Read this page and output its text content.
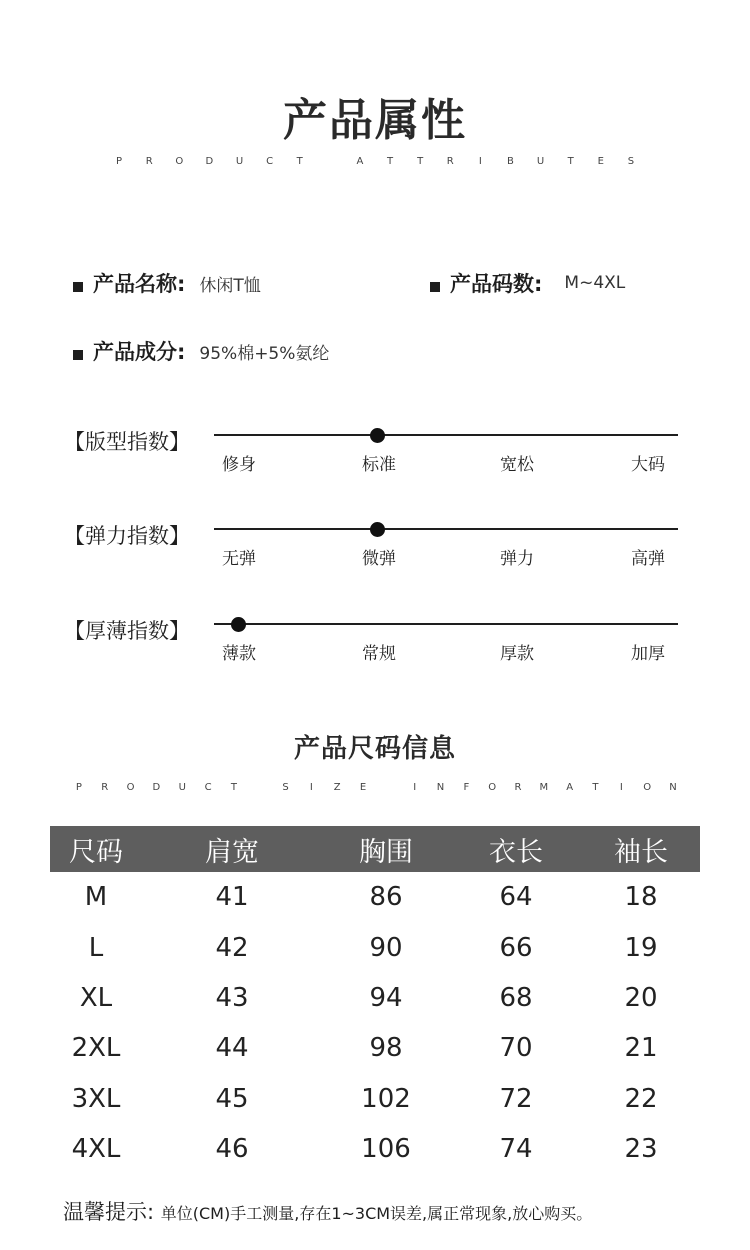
产品属性
P	R	O	D	U	C	T	A	T	T	R	I	B	U	T	E	S
产品名称: 休闲T恤	产品码数: M~4XL
产品成分: 95%棉+5%氨纶
【版型指数】
修身	标准	宽松	大码
【弹力指数】
无弹	微弹	弹力	高弹
【厚薄指数】
薄款	常规	厚款	加厚
产品尺码信息
P	R	O	D	U	C	T	S	I	Z	E	I	N	F	O	R	M	A	T	I	O	N
尺码	肩宽	胸围	衣长	袖长
M	41	86	64	18
L	42	90	66	19
XL	43	94	68	20
2XL	44	98	70	21
3XL	45	102	72	22
4XL	46	106	74	23
温馨提示: 单位(CM)手工测量,存在1~3CM误差,属正常现象,放心购买。
